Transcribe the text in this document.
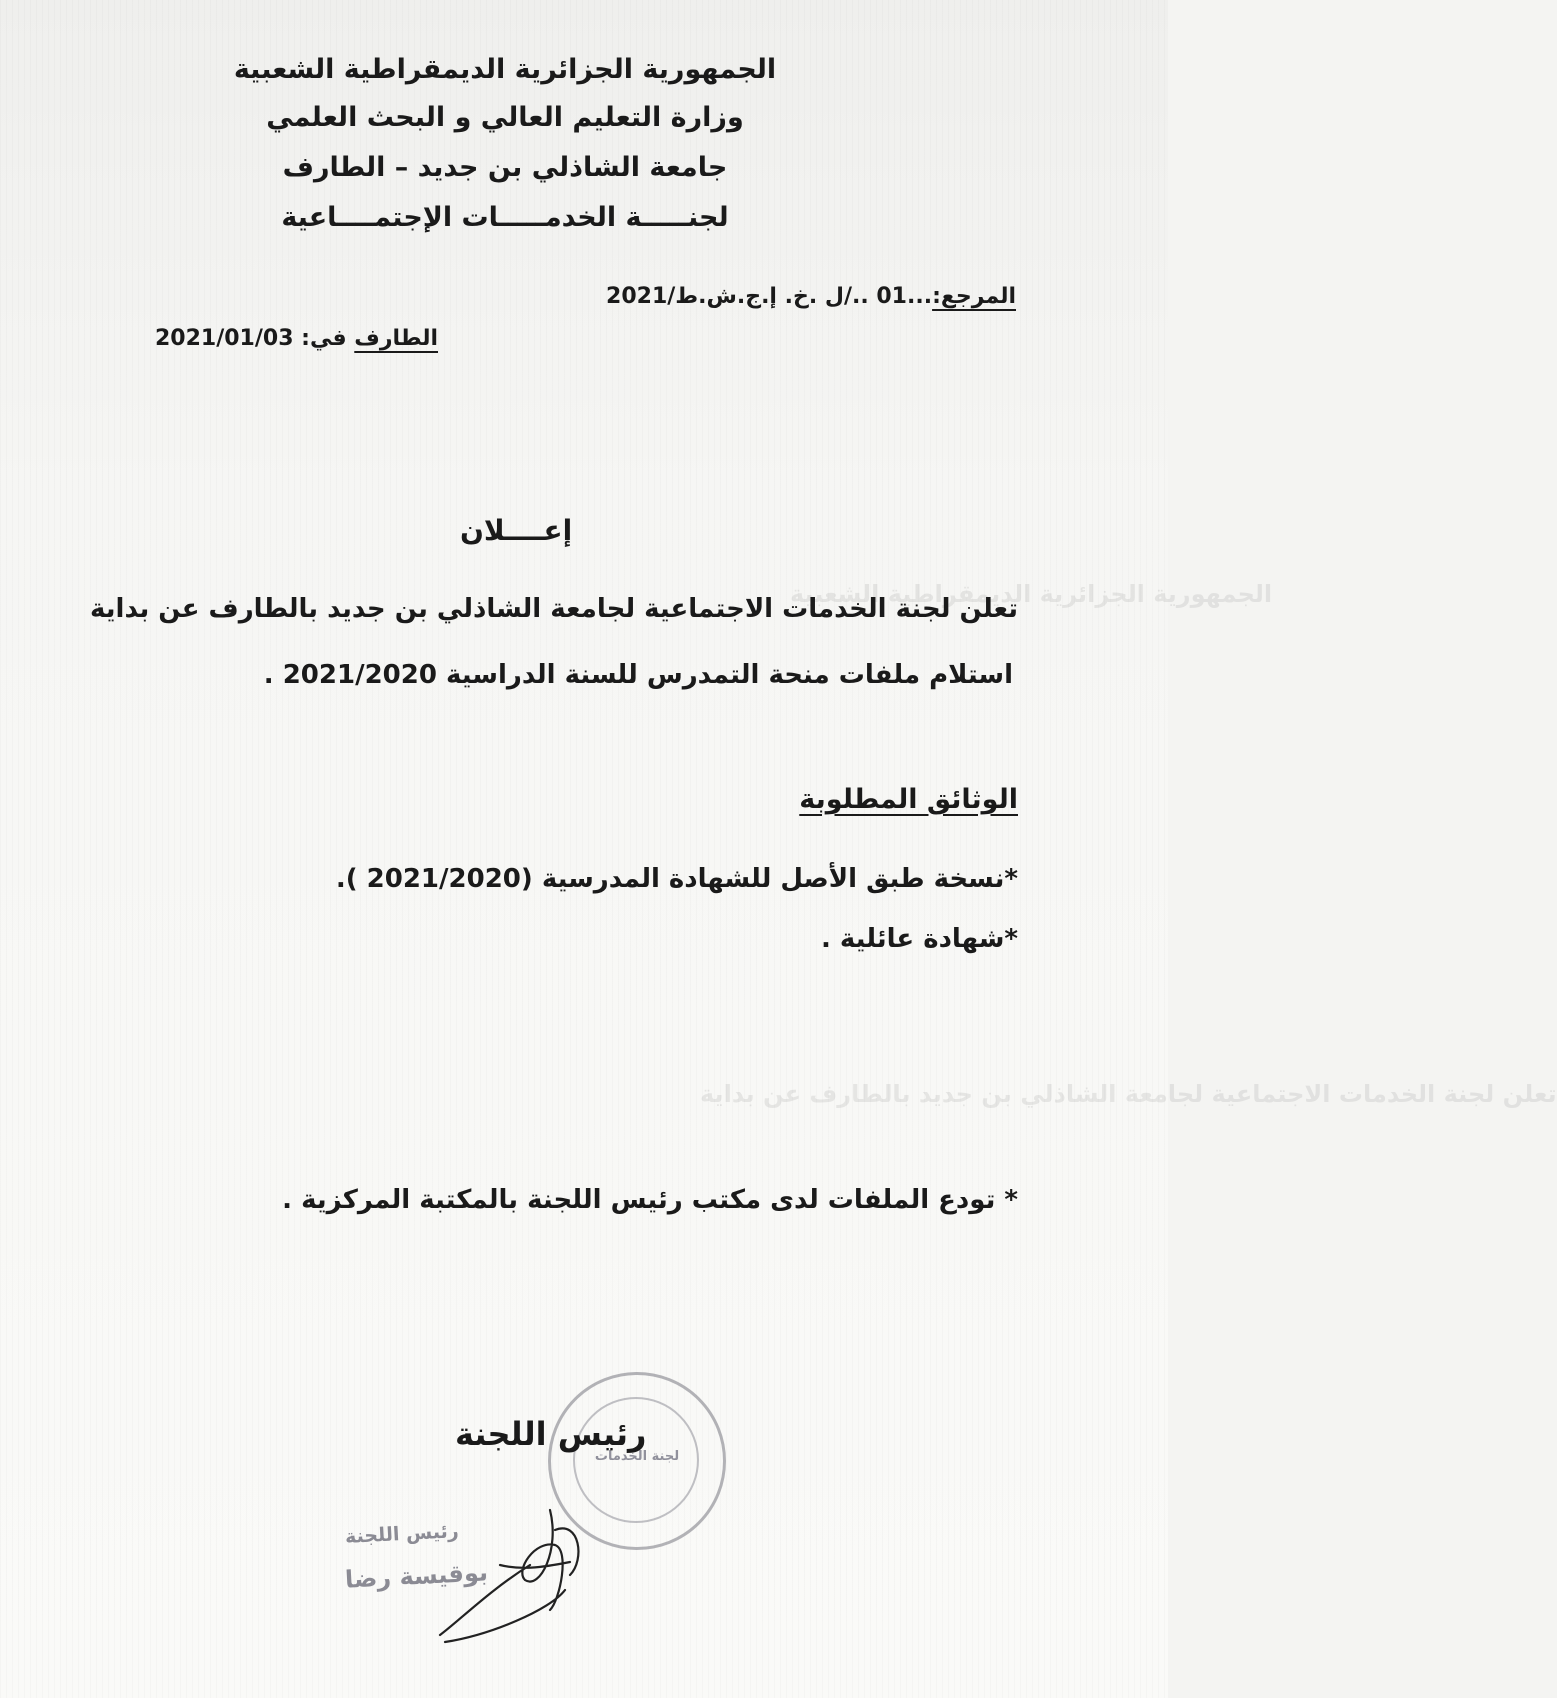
الجمهورية الجزائرية الديمقراطية الشعبية
تعلن لجنة الخدمات الاجتماعية لجامعة الشاذلي بن جديد بالطارف عن بداية
الجمهورية الجزائرية الديمقراطية الشعبية
وزارة التعليم العالي و البحث العلمي
جامعة الشاذلي بن جديد – الطارف
لجنـــــة الخدمـــــات الإجتمــــاعية
المرجع:...01 ../ل .خ. إ.ج.ش.ط/2021
الطارف في: 2021/01/03
إعــــلان
تعلن لجنة الخدمات الاجتماعية لجامعة الشاذلي بن جديد بالطارف عن بداية
استلام ملفات منحة التمدرس للسنة الدراسية 2021/2020 .
الوثائق المطلوبة
*نسخة طبق الأصل للشهادة المدرسية (2021/2020 ).
*شهادة عائلية .
* تودع الملفات لدى مكتب رئيس اللجنة بالمكتبة المركزية .
لجنة الخدمات
رئيس اللجنة
رئيس اللجنة
بوقيسة رضا
